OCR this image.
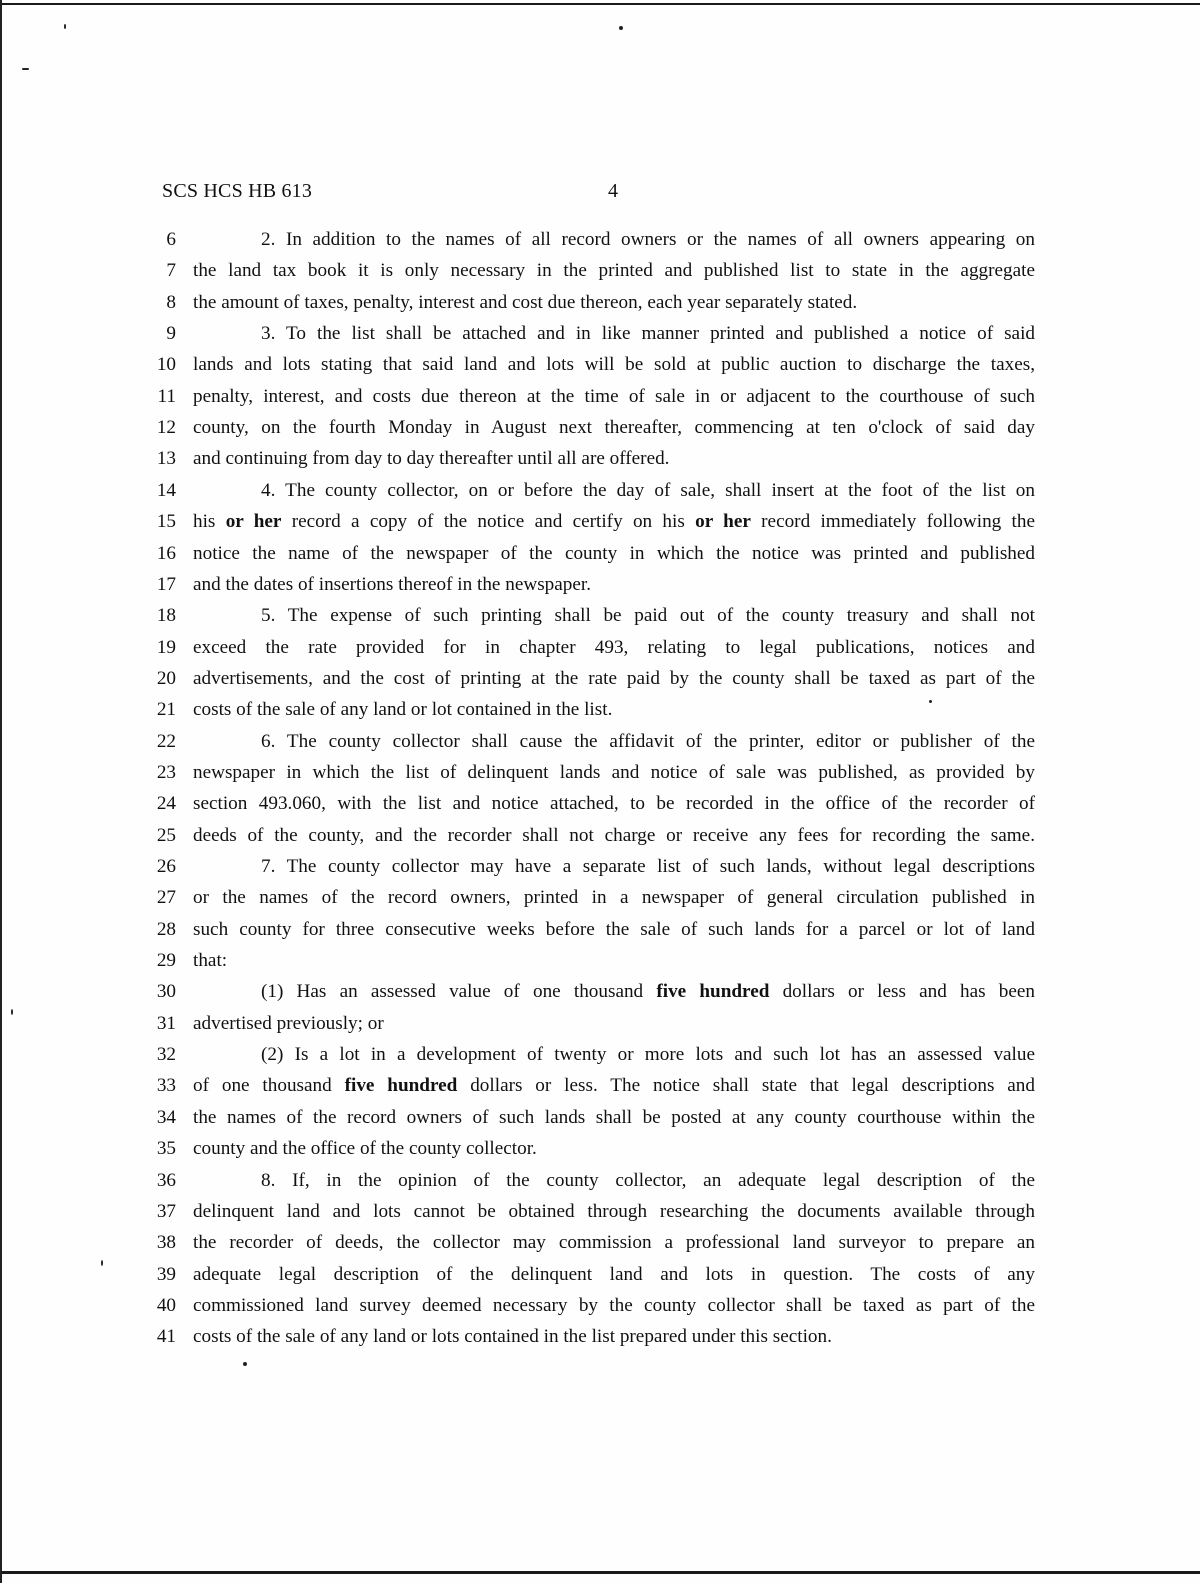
SCS HCS HB 613	4
6	2. In addition to the names of all record owners or the names of all owners appearing on
7 the land tax book it is only necessary in the printed and published list to state in the aggregate
8 the amount of taxes, penalty, interest and cost due thereon, each year separately stated.
9	3. To the list shall be attached and in like manner printed and published a notice of said
10 lands and lots stating that said land and lots will be sold at public auction to discharge the taxes,
11 penalty, interest, and costs due thereon at the time of sale in or adjacent to the courthouse of such
12 county, on the fourth Monday in August next thereafter, commencing at ten o'clock of said day
13 and continuing from day to day thereafter until all are offered.
14	4. The county collector, on or before the day of sale, shall insert at the foot of the list on
15 his or her record a copy of the notice and certify on his or her record immediately following the
16 notice the name of the newspaper of the county in which the notice was printed and published
17 and the dates of insertions thereof in the newspaper.
18	5. The expense of such printing shall be paid out of the county treasury and shall not
19 exceed the rate provided for in chapter 493, relating to legal publications, notices and
20 advertisements, and the cost of printing at the rate paid by the county shall be taxed as part of the
21 costs of the sale of any land or lot contained in the list.
22	6. The county collector shall cause the affidavit of the printer, editor or publisher of the
23 newspaper in which the list of delinquent lands and notice of sale was published, as provided by
24 section 493.060, with the list and notice attached, to be recorded in the office of the recorder of
25 deeds of the county, and the recorder shall not charge or receive any fees for recording the same.
26	7. The county collector may have a separate list of such lands, without legal descriptions
27 or the names of the record owners, printed in a newspaper of general circulation published in
28 such county for three consecutive weeks before the sale of such lands for a parcel or lot of land
29 that:
30	(1) Has an assessed value of one thousand five hundred dollars or less and has been
31 advertised previously; or
32	(2) Is a lot in a development of twenty or more lots and such lot has an assessed value
33 of one thousand five hundred dollars or less. The notice shall state that legal descriptions and
34 the names of the record owners of such lands shall be posted at any county courthouse within the
35 county and the office of the county collector.
36	8. If, in the opinion of the county collector, an adequate legal description of the
37 delinquent land and lots cannot be obtained through researching the documents available through
38 the recorder of deeds, the collector may commission a professional land surveyor to prepare an
39 adequate legal description of the delinquent land and lots in question. The costs of any
40 commissioned land survey deemed necessary by the county collector shall be taxed as part of the
41 costs of the sale of any land or lots contained in the list prepared under this section.
